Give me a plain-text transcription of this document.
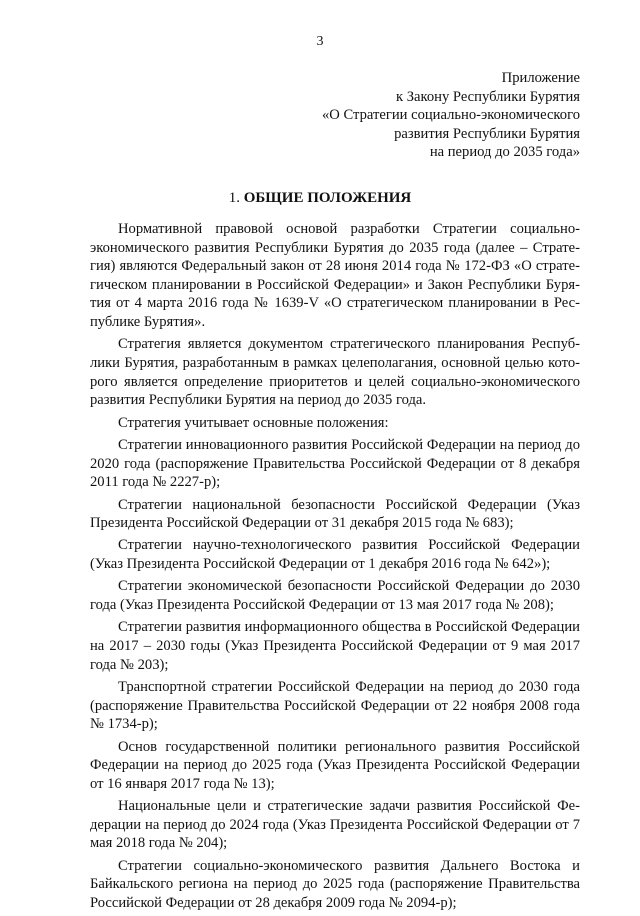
3
Приложение
к Закону Республики Бурятия
«О Стратегии социально-экономического
развития Республики Бурятия
на период до 2035 года»
1. ОБЩИЕ ПОЛОЖЕНИЯ

Нормативной правовой основой разработки Стратегии социально-экономического развития Республики Бурятия до 2035 года (далее – Стратегия) являются Федеральный закон от 28 июня 2014 года № 172-ФЗ «О стратегическом планировании в Российской Федерации» и Закон Республики Бурятия от 4 марта 2016 года № 1639-V «О стратегическом планировании в Республике Бурятия».

Стратегия является документом стратегического планирования Республики Бурятия, разработанным в рамках целеполагания, основной целью которого является определение приоритетов и целей социально-экономического развития Республики Бурятия на период до 2035 года.

Стратегия учитывает основные положения:

Стратегии инновационного развития Российской Федерации на период до 2020 года (распоряжение Правительства Российской Федерации от 8 декабря 2011 года № 2227-р);

Стратегии национальной безопасности Российской Федерации (Указ Президента Российской Федерации от 31 декабря 2015 года № 683);

Стратегии научно-технологического развития Российской Федерации (Указ Президента Российской Федерации от 1 декабря 2016 года № 642»);

Стратегии экономической безопасности Российской Федерации до 2030 года (Указ Президента Российской Федерации от 13 мая 2017 года № 208);

Стратегии развития информационного общества в Российской Федерации на 2017 – 2030 годы (Указ Президента Российской Федерации от 9 мая 2017 года № 203);

Транспортной стратегии Российской Федерации на период до 2030 года (распоряжение Правительства Российской Федерации от 22 ноября 2008 года № 1734-р);

Основ государственной политики регионального развития Российской Федерации на период до 2025 года (Указ Президента Российской Федерации от 16 января 2017 года № 13);

Национальные цели и стратегические задачи развития Российской Федерации на период до 2024 года (Указ Президента Российской Федерации от 7 мая 2018 года № 204);

Стратегии социально-экономического развития Дальнего Востока и Байкальского региона на период до 2025 года (распоряжение Правительства Российской Федерации от 28 декабря 2009 года № 2094-р);
